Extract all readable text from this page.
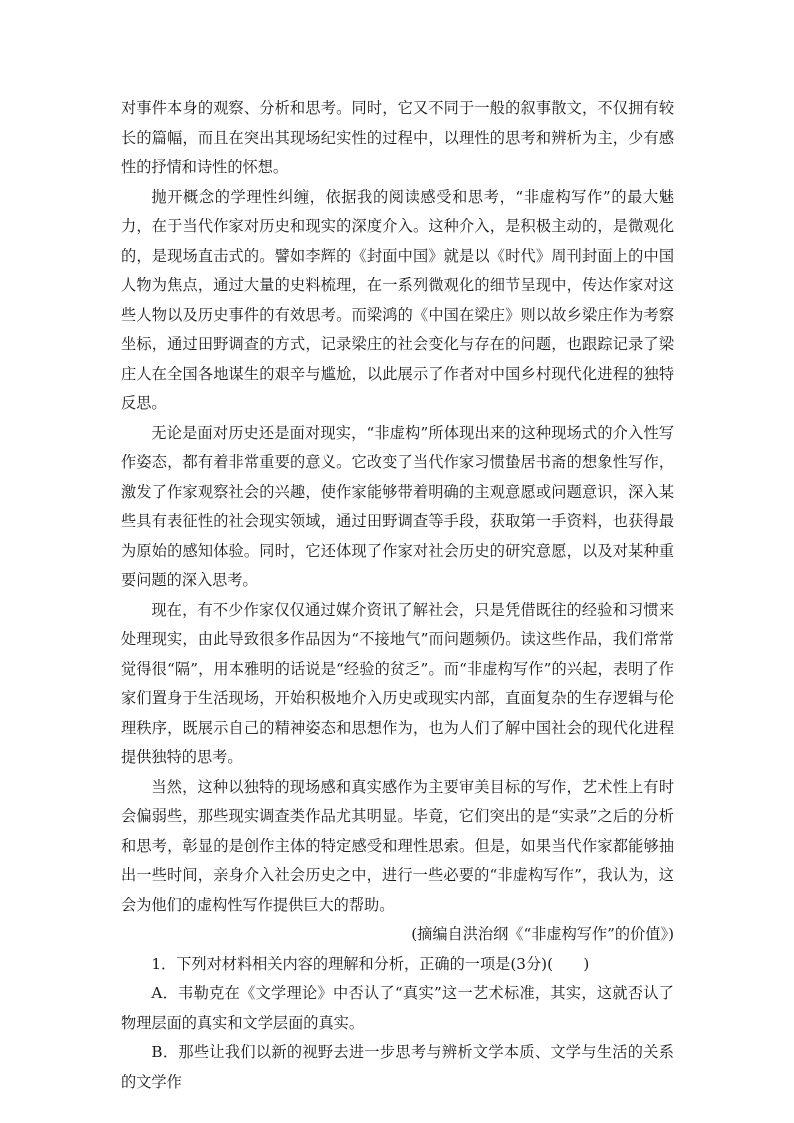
对事件本身的观察、分析和思考。同时，它又不同于一般的叙事散文，不仅拥有较长的篇幅，而且在突出其现场纪实性的过程中，以理性的思考和辨析为主，少有感性的抒情和诗性的怀想。

抛开概念的学理性纠缠，依据我的阅读感受和思考，“非虚构写作”的最大魅力，在于当代作家对历史和现实的深度介入。这种介入，是积极主动的，是微观化的，是现场直击式的。譬如李辉的《封面中国》就是以《时代》周刊封面上的中国人物为焦点，通过大量的史料梳理，在一系列微观化的细节呈现中，传达作家对这些人物以及历史事件的有效思考。而梁鸿的《中国在梁庄》则以故乡梁庄作为考察坐标，通过田野调查的方式，记录梁庄的社会变化与存在的问题，也跟踪记录了梁庄人在全国各地谋生的艰辛与尴尬，以此展示了作者对中国乡村现代化进程的独特反思。

无论是面对历史还是面对现实，“非虚构”所体现出来的这种现场式的介入性写作姿态，都有着非常重要的意义。它改变了当代作家习惯蛰居书斋的想象性写作，激发了作家观察社会的兴趣，使作家能够带着明确的主观意愿或问题意识，深入某些具有表征性的社会现实领域，通过田野调查等手段，获取第一手资料，也获得最为原始的感知体验。同时，它还体现了作家对社会历史的研究意愿，以及对某种重要问题的深入思考。

现在，有不少作家仅仅通过媒介资讯了解社会，只是凭借既往的经验和习惯来处理现实，由此导致很多作品因为“不接地气”而问题频仍。读这些作品，我们常常觉得很“隔”，用本雅明的话说是“经验的贫乏”。而“非虚构写作”的兴起，表明了作家们置身于生活现场，开始积极地介入历史或现实内部，直面复杂的生存逻辑与伦理秩序，既展示自己的精神姿态和思想作为，也为人们了解中国社会的现代化进程提供独特的思考。

当然，这种以独特的现场感和真实感作为主要审美目标的写作，艺术性上有时会偏弱些，那些现实调查类作品尤其明显。毕竟，它们突出的是“实录”之后的分析和思考，彰显的是创作主体的特定感受和理性思索。但是，如果当代作家都能够抽出一些时间，亲身介入社会历史之中，进行一些必要的“非虚构写作”，我认为，这会为他们的虚构性写作提供巨大的帮助。

(摘编自洪治纲《“非虚构写作”的价值》)

1．下列对材料相关内容的理解和分析，正确的一项是(3分)(　　)

A．韦勒克在《文学理论》中否认了“真实”这一艺术标准，其实，这就否认了物理层面的真实和文学层面的真实。

B．那些让我们以新的视野去进一步思考与辨析文学本质、文学与生活的关系的文学作
